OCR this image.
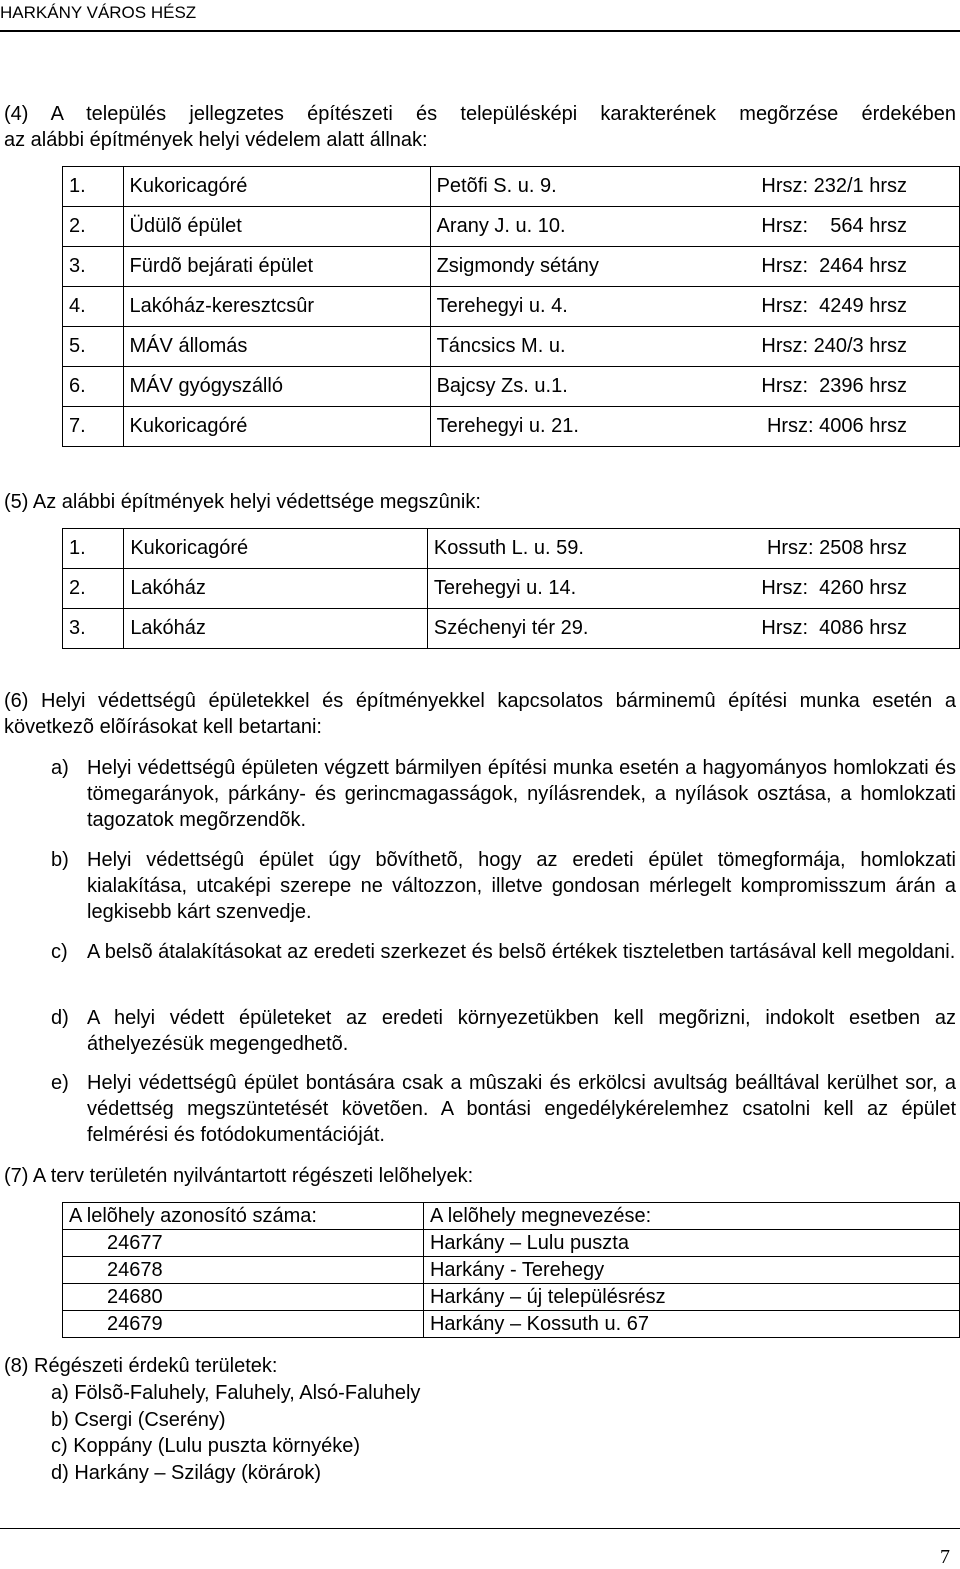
HARKÁNY VÁROS HÉSZ
(4) A település jellegzetes építészeti és településképi karakterének megõrzése érdekében
az alábbi építmények helyi védelem alatt állnak:
1.	Kukoricagóré	Petõfi S. u. 9.	Hrsz: 232/1 hrsz
2.	Üdülõ épület	Arany J. u. 10.	Hrsz:    564 hrsz
3.	Fürdõ bejárati épület	Zsigmondy sétány	Hrsz:  2464 hrsz
4.	Lakóház-keresztcsûr	Terehegyi u. 4.	Hrsz:  4249 hrsz
5.	MÁV állomás	Táncsics M. u.	Hrsz: 240/3 hrsz
6.	MÁV gyógyszálló	Bajcsy Zs. u.1.	Hrsz:  2396 hrsz
7.	Kukoricagóré	Terehegyi u. 21.	Hrsz: 4006 hrsz
(5) Az alábbi építmények helyi védettsége megszûnik:
1.	Kukoricagóré	Kossuth L. u. 59.	Hrsz: 2508 hrsz
2.	Lakóház	Terehegyi u. 14.	Hrsz:  4260 hrsz
3.	Lakóház	Széchenyi tér 29.	Hrsz:  4086 hrsz
(6) Helyi védettségû épületekkel és építményekkel kapcsolatos bárminemû építési munka esetén a következõ elõírásokat kell betartani:
a) Helyi védettségû épületen végzett bármilyen építési munka esetén a hagyományos homlokzati és tömegarányok, párkány- és gerincmagasságok, nyílásrendek, a nyílások osztása, a homlokzati tagozatok megõrzendõk.
b) Helyi védettségû épület úgy bõvíthetõ, hogy az eredeti épület tömegformája, homlokzati kialakítása, utcaképi szerepe ne változzon, illetve gondosan mérlegelt kompromisszum árán a legkisebb kárt szenvedje.
c) A belsõ átalakításokat az eredeti szerkezet és belsõ értékek tiszteletben tartásával kell megoldani.
d) A helyi védett épületeket az eredeti környezetükben kell megõrizni, indokolt esetben az áthelyezésük megengedhetõ.
e) Helyi védettségû épület bontására csak a mûszaki és erkölcsi avultság beálltával kerülhet sor, a védettség megszüntetését követõen. A bontási engedélykérelemhez csatolni kell az épület felmérési és fotódokumentációját.
(7) A terv területén nyilvántartott régészeti lelõhelyek:
A lelõhely azonosító száma:	A lelõhely megnevezése:
24677	Harkány – Lulu puszta
24678	Harkány - Terehegy
24680	Harkány – új településrész
24679	Harkány – Kossuth u. 67
(8) Régészeti érdekû területek:
a) Fölsõ-Faluhely, Faluhely, Alsó-Faluhely
b) Csergi (Cserény)
c) Koppány (Lulu puszta környéke)
d) Harkány – Szilágy (körárok)
7
